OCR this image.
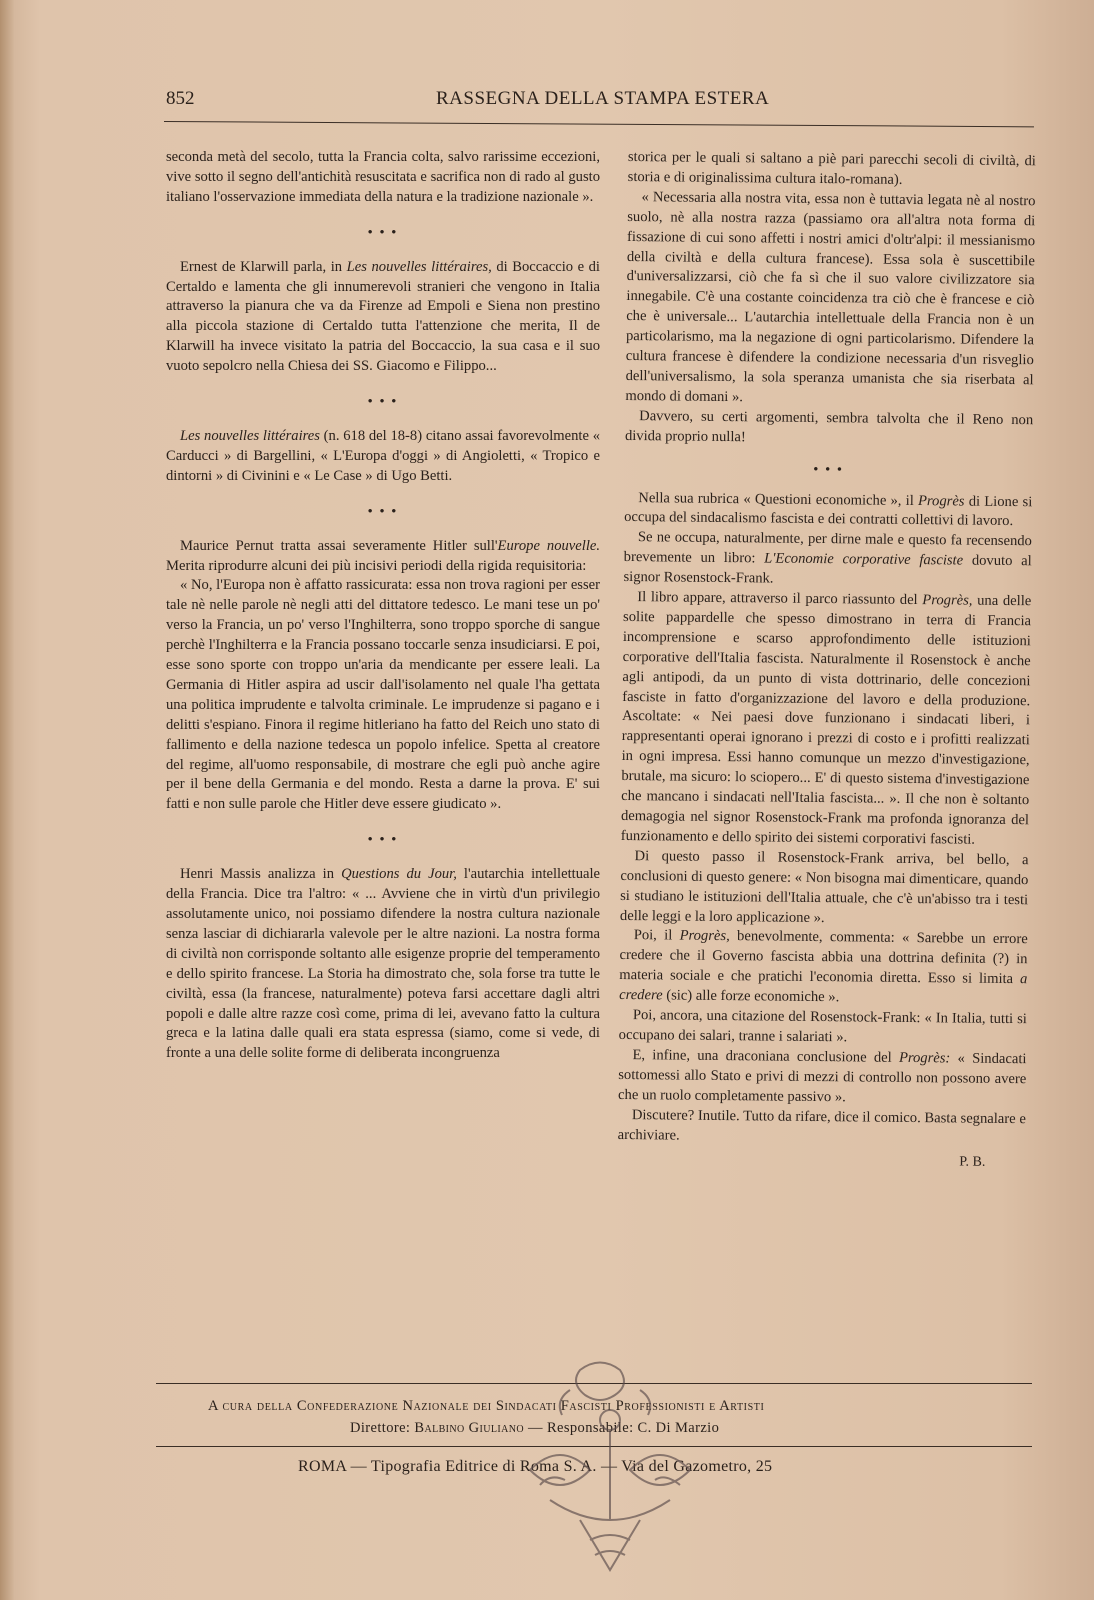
852	RASSEGNA DELLA STAMPA ESTERA

seconda metà del secolo, tutta la Francia colta, salvo rarissime eccezioni, vive sotto il segno dell'antichità resuscitata e sacrifica non di rado al gusto italiano l'osservazione immediata della natura e la tradizione nazionale ».

• • •

Ernest de Klarwill parla, in Les nouvelles littéraires, di Boccaccio e di Certaldo e lamenta che gli innumerevoli stranieri che vengono in Italia attraverso la pianura che va da Firenze ad Empoli e Siena non prestino alla piccola stazione di Certaldo tutta l'attenzione che merita, Il de Klarwill ha invece visitato la patria del Boccaccio, la sua casa e il suo vuoto sepolcro nella Chiesa dei SS. Giacomo e Filippo...

• • •

Les nouvelles littéraires (n. 618 del 18-8) citano assai favorevolmente « Carducci » di Bargellini, « L'Europa d'oggi » di Angioletti, « Tropico e dintorni » di Civinini e « Le Case » di Ugo Betti.

• • •

Maurice Pernut tratta assai severamente Hitler sull'Europe nouvelle. Merita riprodurre alcuni dei più incisivi periodi della rigida requisitoria:

« No, l'Europa non è affatto rassicurata: essa non trova ragioni per esser tale nè nelle parole nè negli atti del dittatore tedesco. Le mani tese un po' verso la Francia, un po' verso l'Inghilterra, sono troppo sporche di sangue perchè l'Inghilterra e la Francia possano toccarle senza insudiciarsi. E poi, esse sono sporte con troppo un'aria da mendicante per essere leali. La Germania di Hitler aspira ad uscir dall'isolamento nel quale l'ha gettata una politica imprudente e talvolta criminale. Le imprudenze si pagano e i delitti s'espiano. Finora il regime hitleriano ha fatto del Reich uno stato di fallimento e della nazione tedesca un popolo infelice. Spetta al creatore del regime, all'uomo responsabile, di mostrare che egli può anche agire per il bene della Germania e del mondo. Resta a darne la prova. E' sui fatti e non sulle parole che Hitler deve essere giudicato ».

• • •

Henri Massis analizza in Questions du Jour, l'autarchia intellettuale della Francia. Dice tra l'altro: « ... Avviene che in virtù d'un privilegio assolutamente unico, noi possiamo difendere la nostra cultura nazionale senza lasciar di dichiararla valevole per le altre nazioni. La nostra forma di civiltà non corrisponde soltanto alle esigenze proprie del temperamento e dello spirito francese. La Storia ha dimostrato che, sola forse tra tutte le civiltà, essa (la francese, naturalmente) poteva farsi accettare dagli altri popoli e dalle altre razze così come, prima di lei, avevano fatto la cultura greca e la latina dalle quali era stata espressa (siamo, come si vede, di fronte a una delle solite forme di deliberata incongruenza

storica per le quali si saltano a piè pari parecchi secoli di civiltà, di storia e di originalissima cultura italo-romana).

« Necessaria alla nostra vita, essa non è tuttavia legata nè al nostro suolo, nè alla nostra razza (passiamo ora all'altra nota forma di fissazione di cui sono affetti i nostri amici d'oltr'alpi: il messianismo della civiltà e della cultura francese). Essa sola è suscettibile d'universalizzarsi, ciò che fa sì che il suo valore civilizzatore sia innegabile. C'è una costante coincidenza tra ciò che è francese e ciò che è universale... L'autarchia intellettuale della Francia non è un particolarismo, ma la negazione di ogni particolarismo. Difendere la cultura francese è difendere la condizione necessaria d'un risveglio dell'universalismo, la sola speranza umanista che sia riserbata al mondo di domani ».

Davvero, su certi argomenti, sembra talvolta che il Reno non divida proprio nulla!

• • •

Nella sua rubrica « Questioni economiche », il Progrès di Lione si occupa del sindacalismo fascista e dei contratti collettivi di lavoro.

Se ne occupa, naturalmente, per dirne male e questo fa recensendo brevemente un libro: L'Economie corporative fasciste dovuto al signor Rosenstock-Frank.

Il libro appare, attraverso il parco riassunto del Progrès, una delle solite pappardelle che spesso dimostrano in terra di Francia incomprensione e scarso approfondimento delle istituzioni corporative dell'Italia fascista. Naturalmente il Rosenstock è anche agli antipodi, da un punto di vista dottrinario, delle concezioni fasciste in fatto d'organizzazione del lavoro e della produzione. Ascoltate: « Nei paesi dove funzionano i sindacati liberi, i rappresentanti operai ignorano i prezzi di costo e i profitti realizzati in ogni impresa. Essi hanno comunque un mezzo d'investigazione, brutale, ma sicuro: lo sciopero... E' di questo sistema d'investigazione che mancano i sindacati nell'Italia fascista... ». Il che non è soltanto demagogia nel signor Rosenstock-Frank ma profonda ignoranza del funzionamento e dello spirito dei sistemi corporativi fascisti.

Di questo passo il Rosenstock-Frank arriva, bel bello, a conclusioni di questo genere: « Non bisogna mai dimenticare, quando si studiano le istituzioni dell'Italia attuale, che c'è un'abisso tra i testi delle leggi e la loro applicazione ».

Poi, il Progrès, benevolmente, commenta: « Sarebbe un errore credere che il Governo fascista abbia una dottrina definita (?) in materia sociale e che pratichi l'economia diretta. Esso si limita a credere (sic) alle forze economiche ».

Poi, ancora, una citazione del Rosenstock-Frank: « In Italia, tutti si occupano dei salari, tranne i salariati ».

E, infine, una draconiana conclusione del Progrès: « Sindacati sottomessi allo Stato e privi di mezzi di controllo non possono avere che un ruolo completamente passivo ».

Discutere? Inutile. Tutto da rifare, dice il comico. Basta segnalare e archiviare.

P. B.
A cura della Confederazione Nazionale dei Sindacati Fascisti Professionisti e Artisti
Direttore: Balbino Giuliano — Responsabile: C. Di Marzio
ROMA — Tipografia Editrice di Roma S. A. — Via del Gazometro, 25
